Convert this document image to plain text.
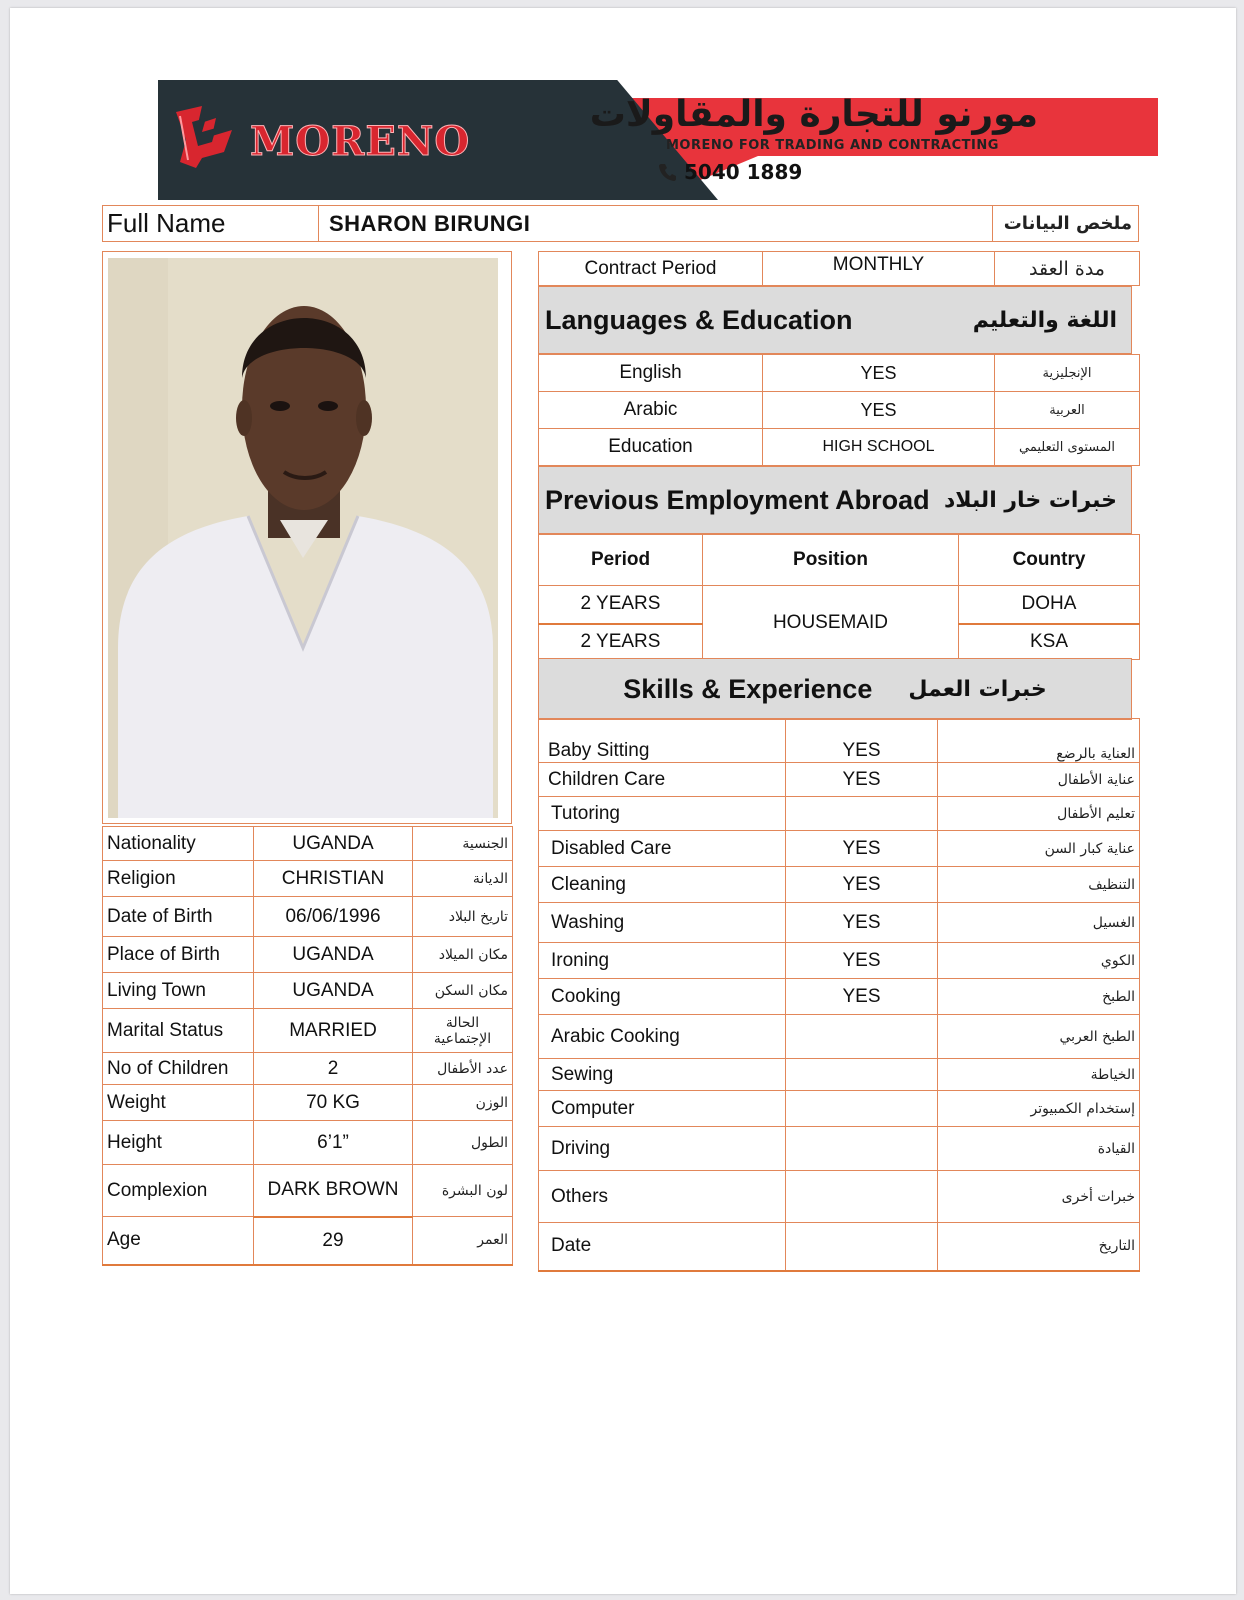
MORENO
مورنو للتجارة والمقاولات
MORENO FOR TRADING AND CONTRACTING
5040 1889
Full Name	SHARON BIRUNGI	ملخص البيانات
Nationality	UGANDA	الجنسية
Religion	CHRISTIAN	الديانة
Date of Birth	06/06/1996	تاريخ البلاد
Place of Birth	UGANDA	مكان الميلاد
Living Town	UGANDA	مكان السكن
Marital Status	MARRIED	الحالة الإجتماعية
No of Children	2	عدد الأطفال
Weight	70 KG	الوزن
Height	6’1”	الطول
Complexion	DARK BROWN	لون البشرة
Age	29	العمر
Contract Period	MONTHLY	مدة العقد
Languages & Education	اللغة والتعليم
English	YES	الإنجليزية
Arabic	YES	العربية
Education	HIGH SCHOOL	المستوى التعليمي
Previous Employment Abroad خبرات خار البلاد
Period	Position	Country
2 YEARS	HOUSEMAID	DOHA
2 YEARS		KSA
Skills & Experience خبرات العمل
Baby Sitting	YES	العناية بالرضع
Children Care	YES	عناية الأطفال
Tutoring		تعليم الأطفال
Disabled Care	YES	عناية كبار السن
Cleaning	YES	التنظيف
Washing	YES	الغسيل
Ironing	YES	الكوي
Cooking	YES	الطبخ
Arabic Cooking		الطبخ العربي
Sewing		الخياطة
Computer		إستخدام الكمبيوتر
Driving		القيادة
Others		خبرات أخرى
Date		التاريخ
